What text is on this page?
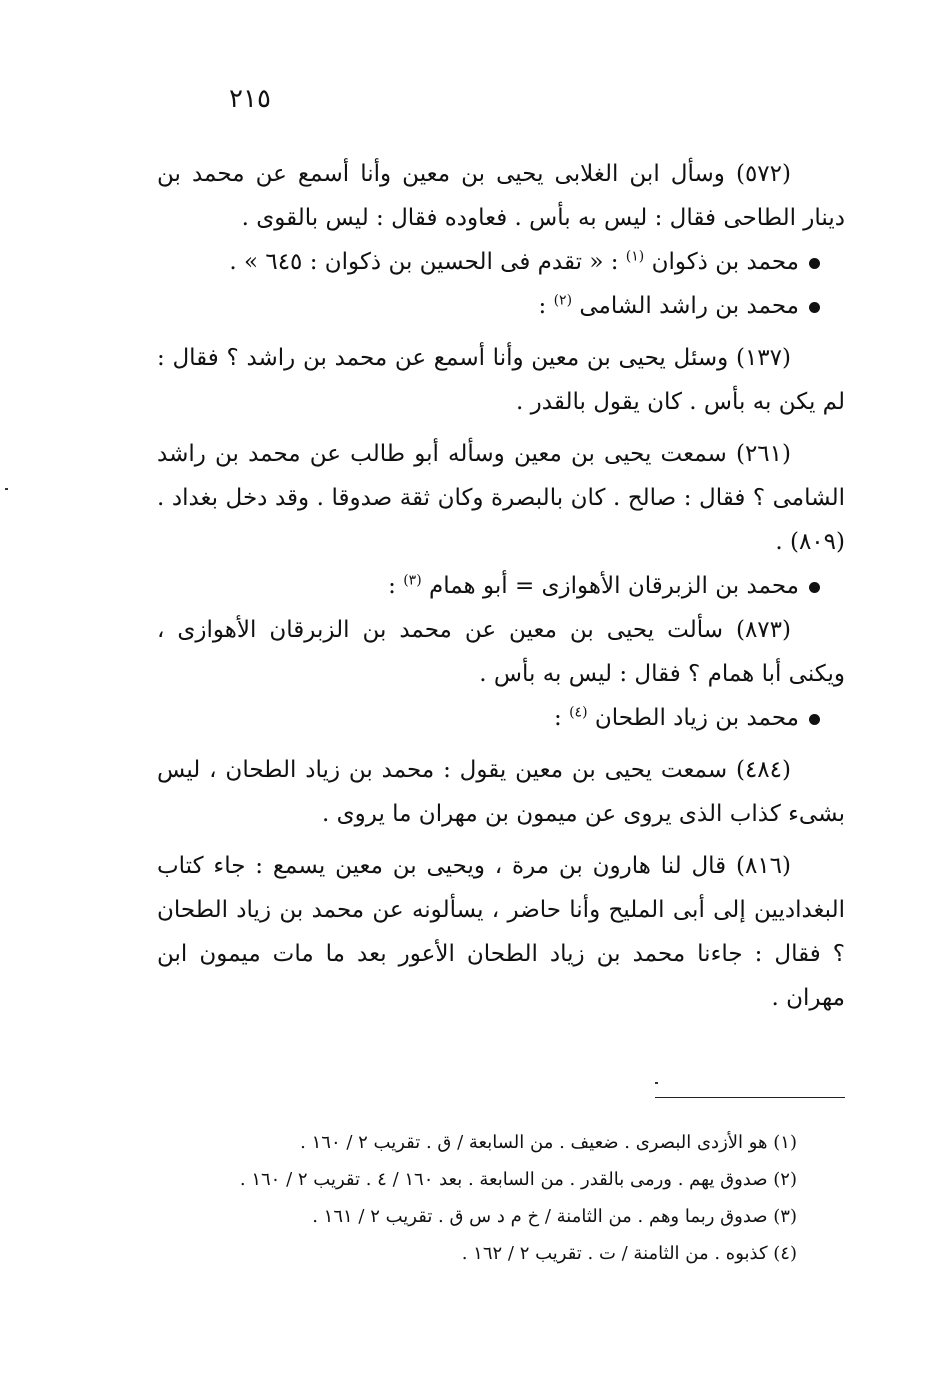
٢١٥

(٥٧٢) وسأل ابن الغلابى يحيى بن معين وأنا أسمع عن محمد بن دينار الطاحى فقال : ليس به بأس . فعاوده فقال : ليس بالقوى .

محمد بن ذكوان $^{(١)}$ : « تقدم فى الحسين بن ذكوان : ٦٤٥ » .

محمد بن راشد الشامى $^{(٢)}$ :

(١٣٧) وسئل يحيى بن معين وأنا أسمع عن محمد بن راشد ؟ فقال : لم يكن به بأس . كان يقول بالقدر .

(٢٦١) سمعت يحيى بن معين وسأله أبو طالب عن محمد بن راشد الشامى ؟ فقال : صالح . كان بالبصرة وكان ثقة صدوقا . وقد دخل بغداد . (٨٠٩) .

محمد بن الزبرقان الأهوازى = أبو همام $^{(٣)}$ :

(٨٧٣) سألت يحيى بن معين عن محمد بن الزبرقان الأهوازى ، ويكنى أبا همام ؟ فقال : ليس به بأس .

محمد بن زياد الطحان $^{(٤)}$ :

(٤٨٤) سمعت يحيى بن معين يقول : محمد بن زياد الطحان ، ليس بشىء كذاب الذى يروى عن ميمون بن مهران ما يروى .

(٨١٦) قال لنا هارون بن مرة ، ويحيى بن معين يسمع : جاء كتاب البغداديين إلى أبى المليح وأنا حاضر ، يسألونه عن محمد بن زياد الطحان ؟ فقال : جاءنا محمد بن زياد الطحان الأعور بعد ما مات ميمون ابن مهران .

(١) هو الأزدى البصرى . ضعيف . من السابعة / ق . تقريب ٢ / ١٦٠ .

(٢) صدوق يهم . ورمى بالقدر . من السابعة . بعد ١٦٠ / ٤ . تقريب ٢ / ١٦٠ .

(٣) صدوق ربما وهم . من الثامنة / خ م د س ق . تقريب ٢ / ١٦١ .

(٤) كذبوه . من الثامنة / ت . تقريب ٢ / ١٦٢ .
